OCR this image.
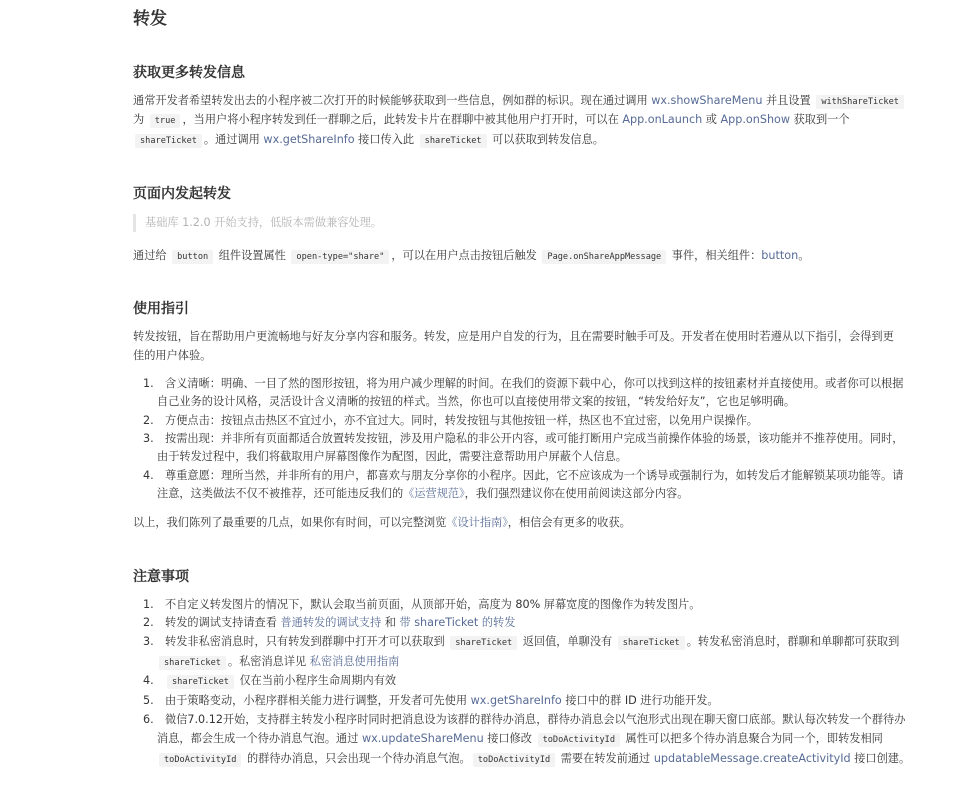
转发
获取更多转发信息
通常开发者希望转发出去的小程序被二次打开的时候能够获取到一些信息，例如群的标识。现在通过调用 wx.showShareMenu 并且设置 withShareTicket
为 true ，当用户将小程序转发到任一群聊之后，此转发卡片在群聊中被其他用户打开时，可以在 App.onLaunch 或 App.onShow 获取到一个
shareTicket 。通过调用 wx.getShareInfo 接口传入此 shareTicket 可以获取到转发信息。
页面内发起转发
基础库 1.2.0 开始支持，低版本需做兼容处理。
通过给 button 组件设置属性 open-type="share" ，可以在用户点击按钮后触发 Page.onShareAppMessage 事件，相关组件：button。
使用指引
转发按钮，旨在帮助用户更流畅地与好友分享内容和服务。转发，应是用户自发的行为，且在需要时触手可及。开发者在使用时若遵从以下指引，会得到更
佳的用户体验。
1. 含义清晰：明确、一目了然的图形按钮，将为用户减少理解的时间。在我们的资源下载中心，你可以找到这样的按钮素材并直接使用。或者你可以根据
自己业务的设计风格，灵活设计含义清晰的按钮的样式。当然，你也可以直接使用带文案的按钮，“转发给好友”，它也足够明确。
2. 方便点击：按钮点击热区不宜过小，亦不宜过大。同时，转发按钮与其他按钮一样，热区也不宜过密，以免用户误操作。
3. 按需出现：并非所有页面都适合放置转发按钮，涉及用户隐私的非公开内容，或可能打断用户完成当前操作体验的场景，该功能并不推荐使用。同时，
由于转发过程中，我们将截取用户屏幕图像作为配图，因此，需要注意帮助用户屏蔽个人信息。
4. 尊重意愿：理所当然，并非所有的用户，都喜欢与朋友分享你的小程序。因此，它不应该成为一个诱导或强制行为，如转发后才能解锁某项功能等。请
注意，这类做法不仅不被推荐，还可能违反我们的《运营规范》，我们强烈建议你在使用前阅读这部分内容。
以上，我们陈列了最重要的几点，如果你有时间，可以完整浏览《设计指南》，相信会有更多的收获。
注意事项
1. 不自定义转发图片的情况下，默认会取当前页面，从顶部开始，高度为 80% 屏幕宽度的图像作为转发图片。
2. 转发的调试支持请查看 普通转发的调试支持 和 带 shareTicket 的转发
3. 转发非私密消息时，只有转发到群聊中打开才可以获取到 shareTicket 返回值，单聊没有 shareTicket 。转发私密消息时，群聊和单聊都可获取到
shareTicket 。私密消息详见 私密消息使用指南
4. shareTicket 仅在当前小程序生命周期内有效
5. 由于策略变动，小程序群相关能力进行调整，开发者可先使用 wx.getShareInfo 接口中的群 ID 进行功能开发。
6. 微信7.0.12开始，支持群主转发小程序时同时把消息设为该群的群待办消息，群待办消息会以气泡形式出现在聊天窗口底部。默认每次转发一个群待办
消息，都会生成一个待办消息气泡。通过 wx.updateShareMenu 接口修改 toDoActivityId 属性可以把多个待办消息聚合为同一个，即转发相同
toDoActivityId 的群待办消息，只会出现一个待办消息气泡。 toDoActivityId 需要在转发前通过 updatableMessage.createActivityId 接口创建。
